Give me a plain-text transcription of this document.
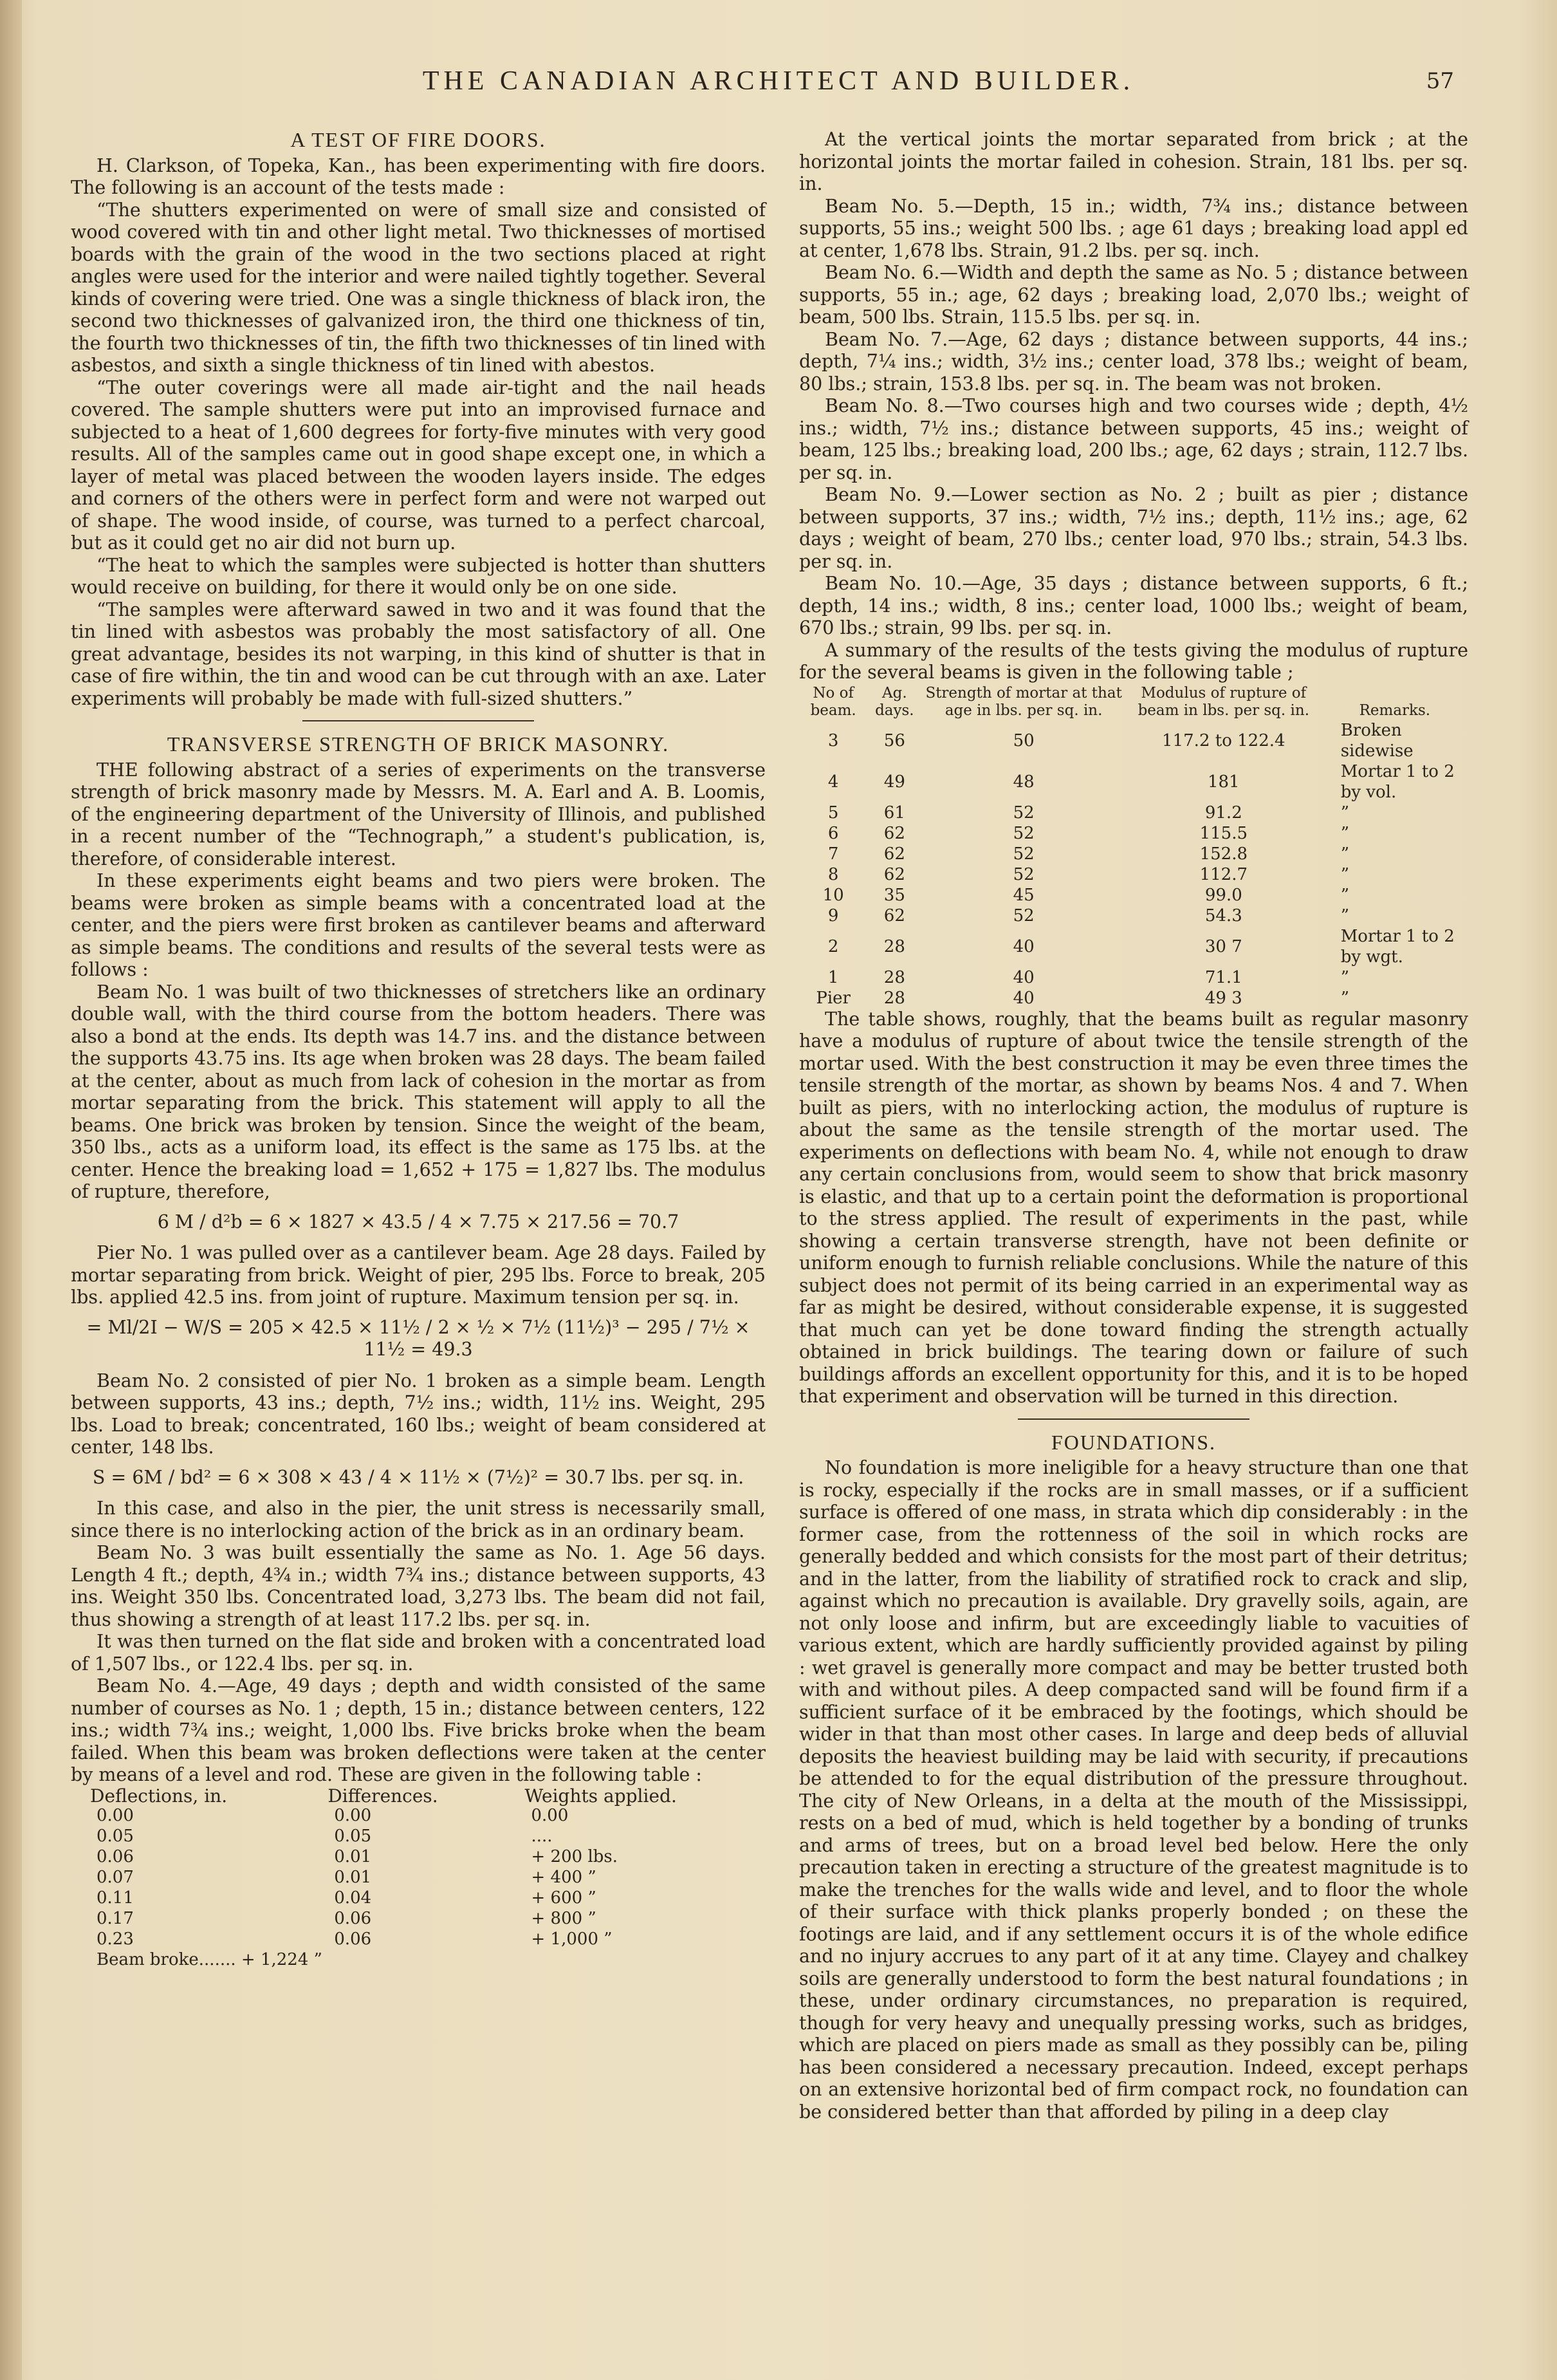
THE CANADIAN ARCHITECT AND BUILDER.	57
A TEST OF FIRE DOORS.

H. Clarkson, of Topeka, Kan., has been experimenting with fire doors. The following is an account of the tests made :

“The shutters experimented on were of small size and consisted of wood covered with tin and other light metal. Two thicknesses of mortised boards with the grain of the wood in the two sections placed at right angles were used for the interior and were nailed tightly together. Several kinds of covering were tried. One was a single thickness of black iron, the second two thicknesses of galvanized iron, the third one thickness of tin, the fourth two thicknesses of tin, the fifth two thicknesses of tin lined with asbestos, and sixth a single thickness of tin lined with abestos.

“The outer coverings were all made air-tight and the nail heads covered. The sample shutters were put into an improvised furnace and subjected to a heat of 1,600 degrees for forty-five minutes with very good results. All of the samples came out in good shape except one, in which a layer of metal was placed between the wooden layers inside. The edges and corners of the others were in perfect form and were not warped out of shape. The wood inside, of course, was turned to a perfect charcoal, but as it could get no air did not burn up.

“The heat to which the samples were subjected is hotter than shutters would receive on building, for there it would only be on one side.

“The samples were afterward sawed in two and it was found that the tin lined with asbestos was probably the most satisfactory of all. One great advantage, besides its not warping, in this kind of shutter is that in case of fire within, the tin and wood can be cut through with an axe. Later experiments will probably be made with full-sized shutters.”

TRANSVERSE STRENGTH OF BRICK MASONRY.

THE following abstract of a series of experiments on the transverse strength of brick masonry made by Messrs. M. A. Earl and A. B. Loomis, of the engineering department of the University of Illinois, and published in a recent number of the “Technograph,” a student's publication, is, therefore, of considerable interest.

In these experiments eight beams and two piers were broken. The beams were broken as simple beams with a concentrated load at the center, and the piers were first broken as cantilever beams and afterward as simple beams. The conditions and results of the several tests were as follows :

Beam No. 1 was built of two thicknesses of stretchers like an ordinary double wall, with the third course from the bottom headers. There was also a bond at the ends. Its depth was 14.7 ins. and the distance between the supports 43.75 ins. Its age when broken was 28 days. The beam failed at the center, about as much from lack of cohesion in the mortar as from mortar separating from the brick. This statement will apply to all the beams. One brick was broken by tension. Since the weight of the beam, 350 lbs., acts as a uniform load, its effect is the same as 175 lbs. at the center. Hence the breaking load = 1,652 + 175 = 1,827 lbs. The modulus of rupture, therefore,

6 M / d²b = 6 × 1827 × 43.5 / 4 × 7.75 × 217.56 = 70.7

Pier No. 1 was pulled over as a cantilever beam. Age 28 days. Failed by mortar separating from brick. Weight of pier, 295 lbs. Force to break, 205 lbs. applied 42.5 ins. from joint of rupture. Maximum tension per sq. in.

= Ml/2I − W/S = 205 × 42.5 × 11½ / 2 × ½ × 7½ (11½)³ − 295 / 7½ × 11½ = 49.3

Beam No. 2 consisted of pier No. 1 broken as a simple beam. Length between supports, 43 ins.; depth, 7½ ins.; width, 11½ ins. Weight, 295 lbs. Load to break; concentrated, 160 lbs.; weight of beam considered at center, 148 lbs.

S = 6M / bd² = 6 × 308 × 43 / 4 × 11½ × (7½)² = 30.7 lbs. per sq. in.

In this case, and also in the pier, the unit stress is necessarily small, since there is no interlocking action of the brick as in an ordinary beam.

Beam No. 3 was built essentially the same as No. 1. Age 56 days. Length 4 ft.; depth, 4¾ in.; width 7¾ ins.; distance between supports, 43 ins. Weight 350 lbs. Concentrated load, 3,273 lbs. The beam did not fail, thus showing a strength of at least 117.2 lbs. per sq. in.

It was then turned on the flat side and broken with a concentrated load of 1,507 lbs., or 122.4 lbs. per sq. in.

Beam No. 4.—Age, 49 days ; depth and width consisted of the same number of courses as No. 1 ; depth, 15 in.; distance between centers, 122 ins.; width 7¾ ins.; weight, 1,000 lbs. Five bricks broke when the beam failed. When this beam was broken deflections were taken at the center by means of a level and rod. These are given in the following table :

Deflections, in.	Differences.	Weights applied.
0.00	0.00	0.00
0.05	0.05	....
0.06	0.01	+ 200 lbs.
0.07	0.01	+ 400 ”
0.11	0.04	+ 600 ”
0.17	0.06	+ 800 ”
0.23	0.06	+ 1,000 ”
Beam broke....... + 1,224 ”		

At the vertical joints the mortar separated from brick ; at the horizontal joints the mortar failed in cohesion. Strain, 181 lbs. per sq. in.

Beam No. 5.—Depth, 15 in.; width, 7¾ ins.; distance between supports, 55 ins.; weight 500 lbs. ; age 61 days ; breaking load appl ed at center, 1,678 lbs. Strain, 91.2 lbs. per sq. inch.

Beam No. 6.—Width and depth the same as No. 5 ; distance between supports, 55 in.; age, 62 days ; breaking load, 2,070 lbs.; weight of beam, 500 lbs. Strain, 115.5 lbs. per sq. in.

Beam No. 7.—Age, 62 days ; distance between supports, 44 ins.; depth, 7¼ ins.; width, 3½ ins.; center load, 378 lbs.; weight of beam, 80 lbs.; strain, 153.8 lbs. per sq. in. The beam was not broken.

Beam No. 8.—Two courses high and two courses wide ; depth, 4½ ins.; width, 7½ ins.; distance between supports, 45 ins.; weight of beam, 125 lbs.; breaking load, 200 lbs.; age, 62 days ; strain, 112.7 lbs. per sq. in.

Beam No. 9.—Lower section as No. 2 ; built as pier ; distance between supports, 37 ins.; width, 7½ ins.; depth, 11½ ins.; age, 62 days ; weight of beam, 270 lbs.; center load, 970 lbs.; strain, 54.3 lbs. per sq. in.

Beam No. 10.—Age, 35 days ; distance between supports, 6 ft.; depth, 14 ins.; width, 8 ins.; center load, 1000 lbs.; weight of beam, 670 lbs.; strain, 99 lbs. per sq. in.

A summary of the results of the tests giving the modulus of rupture for the several beams is given in the following table ;

No of beam.	Ag. days.	Strength of mortar at that age in lbs. per sq. in.	Modulus of rupture of beam in lbs. per sq. in.	Remarks.
3	56	50	117.2 to 122.4	Broken sidewise
4	49	48	181	Mortar 1 to 2 by vol.
5	61	52	91.2	”
6	62	52	115.5	”
7	62	52	152.8	”
8	62	52	112.7	”
10	35	45	99.0	”
9	62	52	54.3	”
2	28	40	30 7	Mortar 1 to 2 by wgt.
1	28	40	71.1	”
Pier	28	40	49 3	”

The table shows, roughly, that the beams built as regular masonry have a modulus of rupture of about twice the tensile strength of the mortar used. With the best construction it may be even three times the tensile strength of the mortar, as shown by beams Nos. 4 and 7. When built as piers, with no interlocking action, the modulus of rupture is about the same as the tensile strength of the mortar used. The experiments on deflections with beam No. 4, while not enough to draw any certain conclusions from, would seem to show that brick masonry is elastic, and that up to a certain point the deformation is proportional to the stress applied. The result of experiments in the past, while showing a certain transverse strength, have not been definite or uniform enough to furnish reliable conclusions. While the nature of this subject does not permit of its being carried in an experimental way as far as might be desired, without considerable expense, it is suggested that much can yet be done toward finding the strength actually obtained in brick buildings. The tearing down or failure of such buildings affords an excellent opportunity for this, and it is to be hoped that experiment and observation will be turned in this direction.

FOUNDATIONS.

No foundation is more ineligible for a heavy structure than one that is rocky, especially if the rocks are in small masses, or if a sufficient surface is offered of one mass, in strata which dip considerably : in the former case, from the rottenness of the soil in which rocks are generally bedded and which consists for the most part of their detritus; and in the latter, from the liability of stratified rock to crack and slip, against which no precaution is available. Dry gravelly soils, again, are not only loose and infirm, but are exceedingly liable to vacuities of various extent, which are hardly sufficiently provided against by piling : wet gravel is generally more compact and may be better trusted both with and without piles. A deep compacted sand will be found firm if a sufficient surface of it be embraced by the footings, which should be wider in that than most other cases. In large and deep beds of alluvial deposits the heaviest building may be laid with security, if precautions be attended to for the equal distribution of the pressure throughout. The city of New Orleans, in a delta at the mouth of the Mississippi, rests on a bed of mud, which is held together by a bonding of trunks and arms of trees, but on a broad level bed below. Here the only precaution taken in erecting a structure of the greatest magnitude is to make the trenches for the walls wide and level, and to floor the whole of their surface with thick planks properly bonded ; on these the footings are laid, and if any settlement occurs it is of the whole edifice and no injury accrues to any part of it at any time. Clayey and chalkey soils are generally understood to form the best natural foundations ; in these, under ordinary circumstances, no preparation is required, though for very heavy and unequally pressing works, such as bridges, which are placed on piers made as small as they possibly can be, piling has been considered a necessary precaution. Indeed, except perhaps on an extensive horizontal bed of firm compact rock, no foundation can be considered better than that afforded by piling in a deep clay
